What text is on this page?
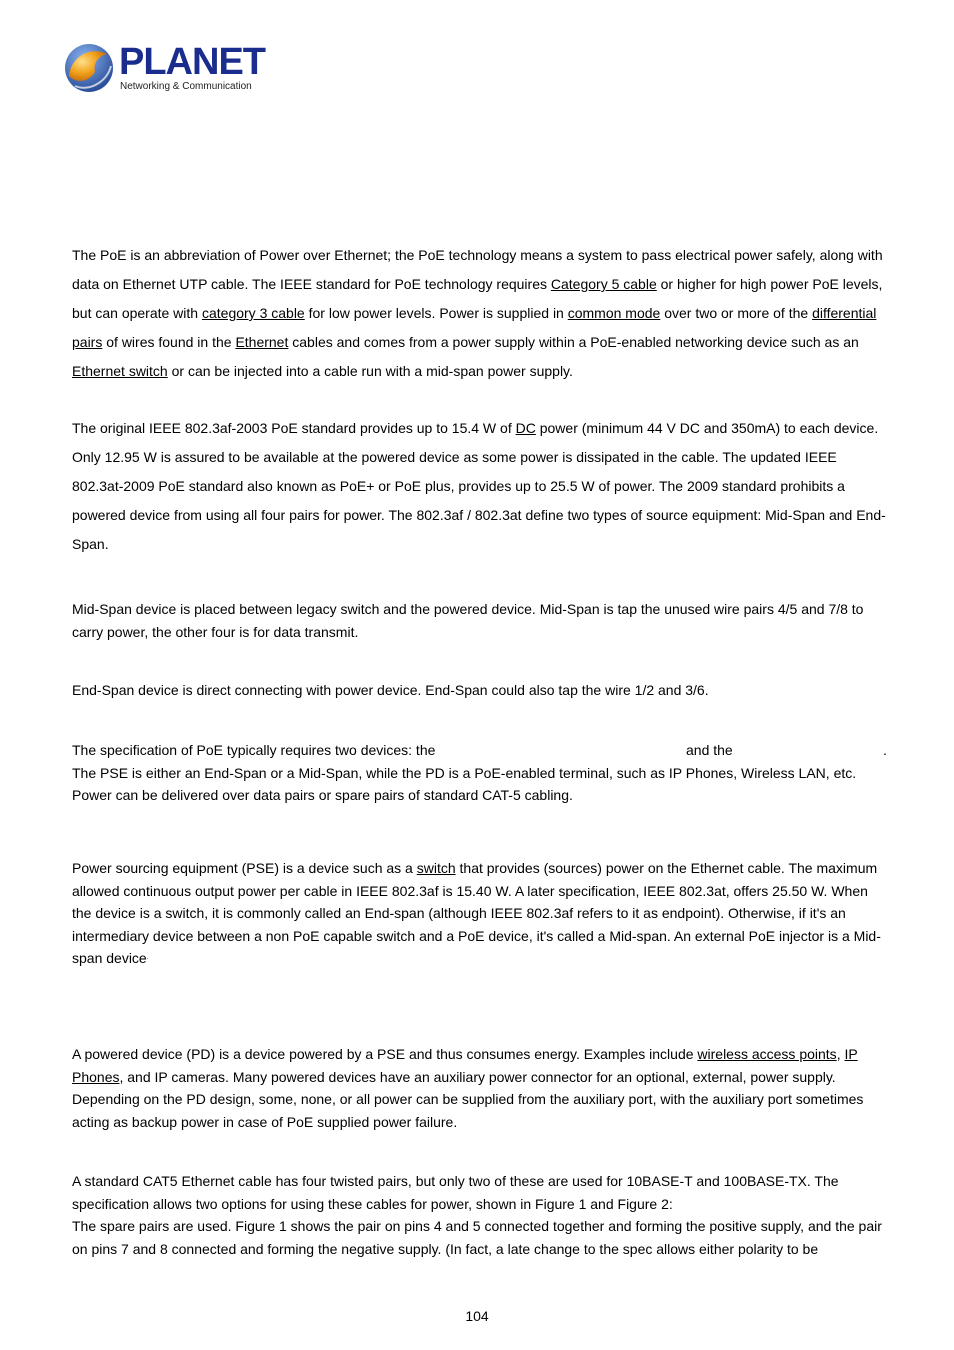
PLANET
Networking & Communication
The PoE is an abbreviation of Power over Ethernet; the PoE technology means a system to pass electrical power safely, along with data on Ethernet UTP cable. The IEEE standard for PoE technology requires Category 5 cable or higher for high power PoE levels, but can operate with category 3 cable for low power levels. Power is supplied in common mode over two or more of the differential pairs of wires found in the Ethernet cables and comes from a power supply within a PoE-enabled networking device such as an Ethernet switch or can be injected into a cable run with a mid-span power supply.
The original IEEE 802.3af-2003 PoE standard provides up to 15.4 W of DC power (minimum 44 V DC and 350mA) to each device. Only 12.95 W is assured to be available at the powered device as some power is dissipated in the cable. The updated IEEE 802.3at-2009 PoE standard also known as PoE+ or PoE plus, provides up to 25.5 W of power. The 2009 standard prohibits a powered device from using all four pairs for power. The 802.3af / 802.3at define two types of source equipment: Mid-Span and End-Span.
Mid-Span device is placed between legacy switch and the powered device. Mid-Span is tap the unused wire pairs 4/5 and 7/8 to carry power, the other four is for data transmit.
End-Span device is direct connecting with power device. End-Span could also tap the wire 1/2 and 3/6.
The specification of PoE typically requires two devices: the	and the	.
The PSE is either an End-Span or a Mid-Span, while the PD is a PoE-enabled terminal, such as IP Phones, Wireless LAN, etc. Power can be delivered over data pairs or spare pairs of standard CAT-5 cabling.
Power sourcing equipment (PSE) is a device such as a switch that provides (sources) power on the Ethernet cable. The maximum allowed continuous output power per cable in IEEE 802.3af is 15.40 W. A later specification, IEEE 802.3at, offers 25.50 W. When the device is a switch, it is commonly called an End-span (although IEEE 802.3af refers to it as endpoint). Otherwise, if it's an intermediary device between a non PoE capable switch and a PoE device, it's called a Mid-span. An external PoE injector is a Mid-span device.
A powered device (PD) is a device powered by a PSE and thus consumes energy. Examples include wireless access points, IP Phones, and IP cameras. Many powered devices have an auxiliary power connector for an optional, external, power supply. Depending on the PD design, some, none, or all power can be supplied from the auxiliary port, with the auxiliary port sometimes acting as backup power in case of PoE supplied power failure.
A standard CAT5 Ethernet cable has four twisted pairs, but only two of these are used for 10BASE-T and 100BASE-TX. The specification allows two options for using these cables for power, shown in Figure 1 and Figure 2:
The spare pairs are used. Figure 1 shows the pair on pins 4 and 5 connected together and forming the positive supply, and the pair on pins 7 and 8 connected and forming the negative supply. (In fact, a late change to the spec allows either polarity to be
104
